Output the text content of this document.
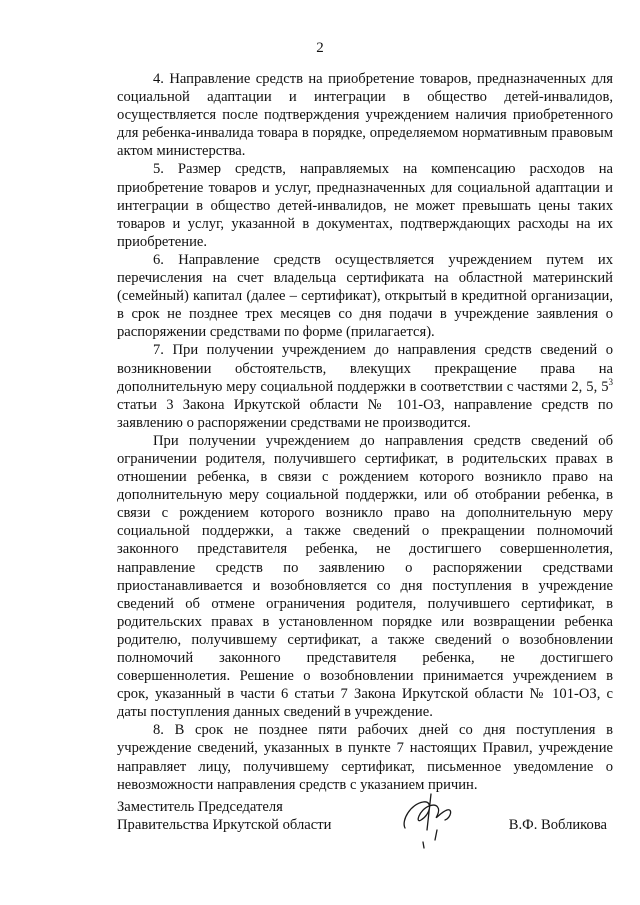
2

4. Направление средств на приобретение товаров, предназначенных для социальной адаптации и интеграции в общество детей-инвалидов, осуществляется после подтверждения учреждением наличия приобретенного для ребенка-инвалида товара в порядке, определяемом нормативным правовым актом министерства.

5. Размер средств, направляемых на компенсацию расходов на приобретение товаров и услуг, предназначенных для социальной адаптации и интеграции в общество детей-инвалидов, не может превышать цены таких товаров и услуг, указанной в документах, подтверждающих расходы на их приобретение.

6. Направление средств осуществляется учреждением путем их перечисления на счет владельца сертификата на областной материнский (семейный) капитал (далее – сертификат), открытый в кредитной организации, в срок не позднее трех месяцев со дня подачи в учреждение заявления о распоряжении средствами по форме (прилагается).

7. При получении учреждением до направления средств сведений о возникновении обстоятельств, влекущих прекращение права на дополнительную меру социальной поддержки в соответствии с частями 2, 5, $5^3$ статьи 3 Закона Иркутской области № 101-ОЗ, направление средств по заявлению о распоряжении средствами не производится.

При получении учреждением до направления средств сведений об ограничении родителя, получившего сертификат, в родительских правах в отношении ребенка, в связи с рождением которого возникло право на дополнительную меру социальной поддержки, или об отобрании ребенка, в связи с рождением которого возникло право на дополнительную меру социальной поддержки, а также сведений о прекращении полномочий законного представителя ребенка, не достигшего совершеннолетия, направление средств по заявлению о распоряжении средствами приостанавливается и возобновляется со дня поступления в учреждение сведений об отмене ограничения родителя, получившего сертификат, в родительских правах в установленном порядке или возвращении ребенка родителю, получившему сертификат, а также сведений о возобновлении полномочий законного представителя ребенка, не достигшего совершеннолетия. Решение о возобновлении принимается учреждением в срок, указанный в части 6 статьи 7 Закона Иркутской области № 101-ОЗ, с даты поступления данных сведений в учреждение.

8. В срок не позднее пяти рабочих дней со дня поступления в учреждение сведений, указанных в пункте 7 настоящих Правил, учреждение направляет лицу, получившему сертификат, письменное уведомление о невозможности направления средств с указанием причин.

Заместитель Председателя
Правительства Иркутской области	В.Ф. Вобликова
